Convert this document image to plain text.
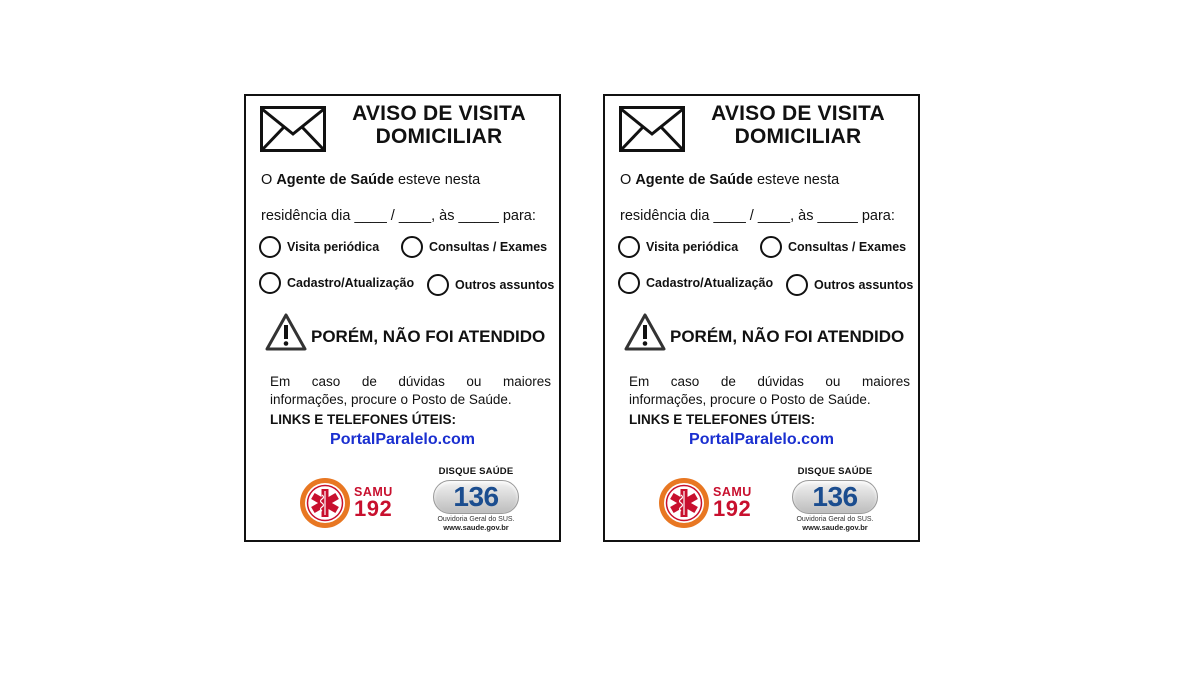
AVISO DE VISITA
DOMICILIAR
O Agente de Saúde esteve nesta
residência dia ____ / ____, às _____ para:
Visita periódica	Consultas / Exames
Cadastro/Atualização	Outros assuntos
PORÉM, NÃO FOI ATENDIDO
Em caso de dúvidas ou maiores
informações, procure o Posto de Saúde.
LINKS E TELEFONES ÚTEIS:
PortalParalelo.com
SAMU
192
DISQUE SAÚDE
136
Ouvidoria Geral do SUS.
www.saude.gov.br
AVISO DE VISITA
DOMICILIAR
O Agente de Saúde esteve nesta
residência dia ____ / ____, às _____ para:
Visita periódica	Consultas / Exames
Cadastro/Atualização	Outros assuntos
PORÉM, NÃO FOI ATENDIDO
Em caso de dúvidas ou maiores
informações, procure o Posto de Saúde.
LINKS E TELEFONES ÚTEIS:
PortalParalelo.com
SAMU
192
DISQUE SAÚDE
136
Ouvidoria Geral do SUS.
www.saude.gov.br
